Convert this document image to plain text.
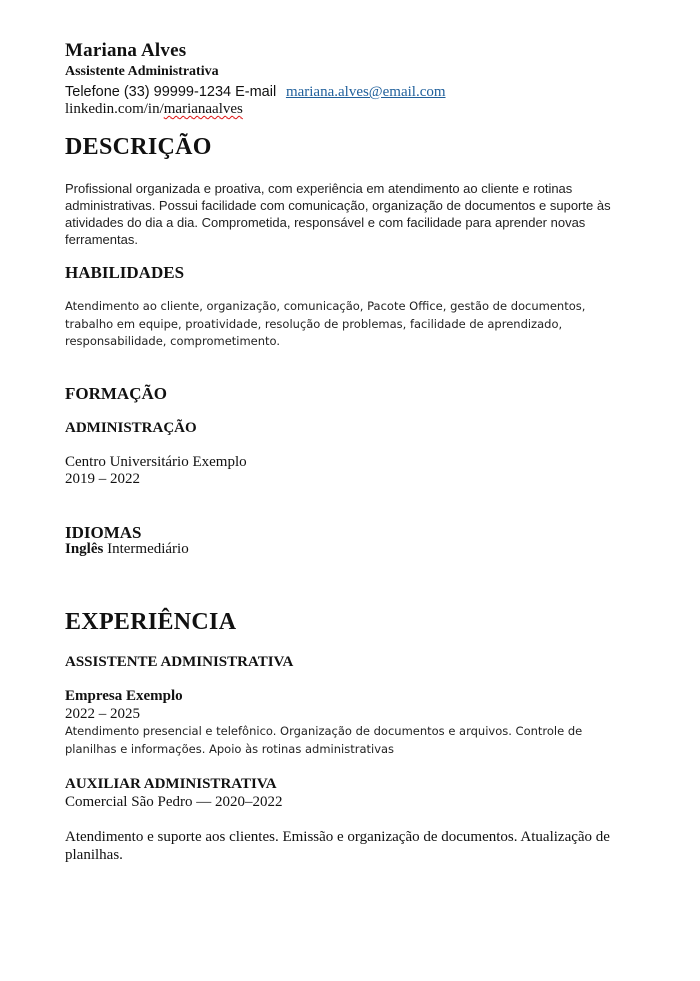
Mariana Alves
Assistente Administrativa
Telefone (33) 99999-1234 E-mail mariana.alves@email.com
linkedin.com/in/marianaalves
DESCRIÇÃO
Profissional organizada e proativa, com experiência em atendimento ao cliente e rotinas administrativas. Possui facilidade com comunicação, organização de documentos e suporte às atividades do dia a dia. Comprometida, responsável e com facilidade para aprender novas ferramentas.
HABILIDADES
Atendimento ao cliente, organização, comunicação, Pacote Office, gestão de documentos, trabalho em equipe, proatividade, resolução de problemas, facilidade de aprendizado, responsabilidade, comprometimento.
FORMAÇÃO
ADMINISTRAÇÃO
Centro Universitário Exemplo
2019 – 2022
IDIOMAS
Inglês Intermediário
EXPERIÊNCIA
ASSISTENTE ADMINISTRATIVA
Empresa Exemplo
2022 – 2025
Atendimento presencial e telefônico. Organização de documentos e arquivos. Controle de planilhas e informações. Apoio às rotinas administrativas
AUXILIAR ADMINISTRATIVA
Comercial São Pedro — 2020–2022
Atendimento e suporte aos clientes. Emissão e organização de documentos. Atualização de planilhas.
